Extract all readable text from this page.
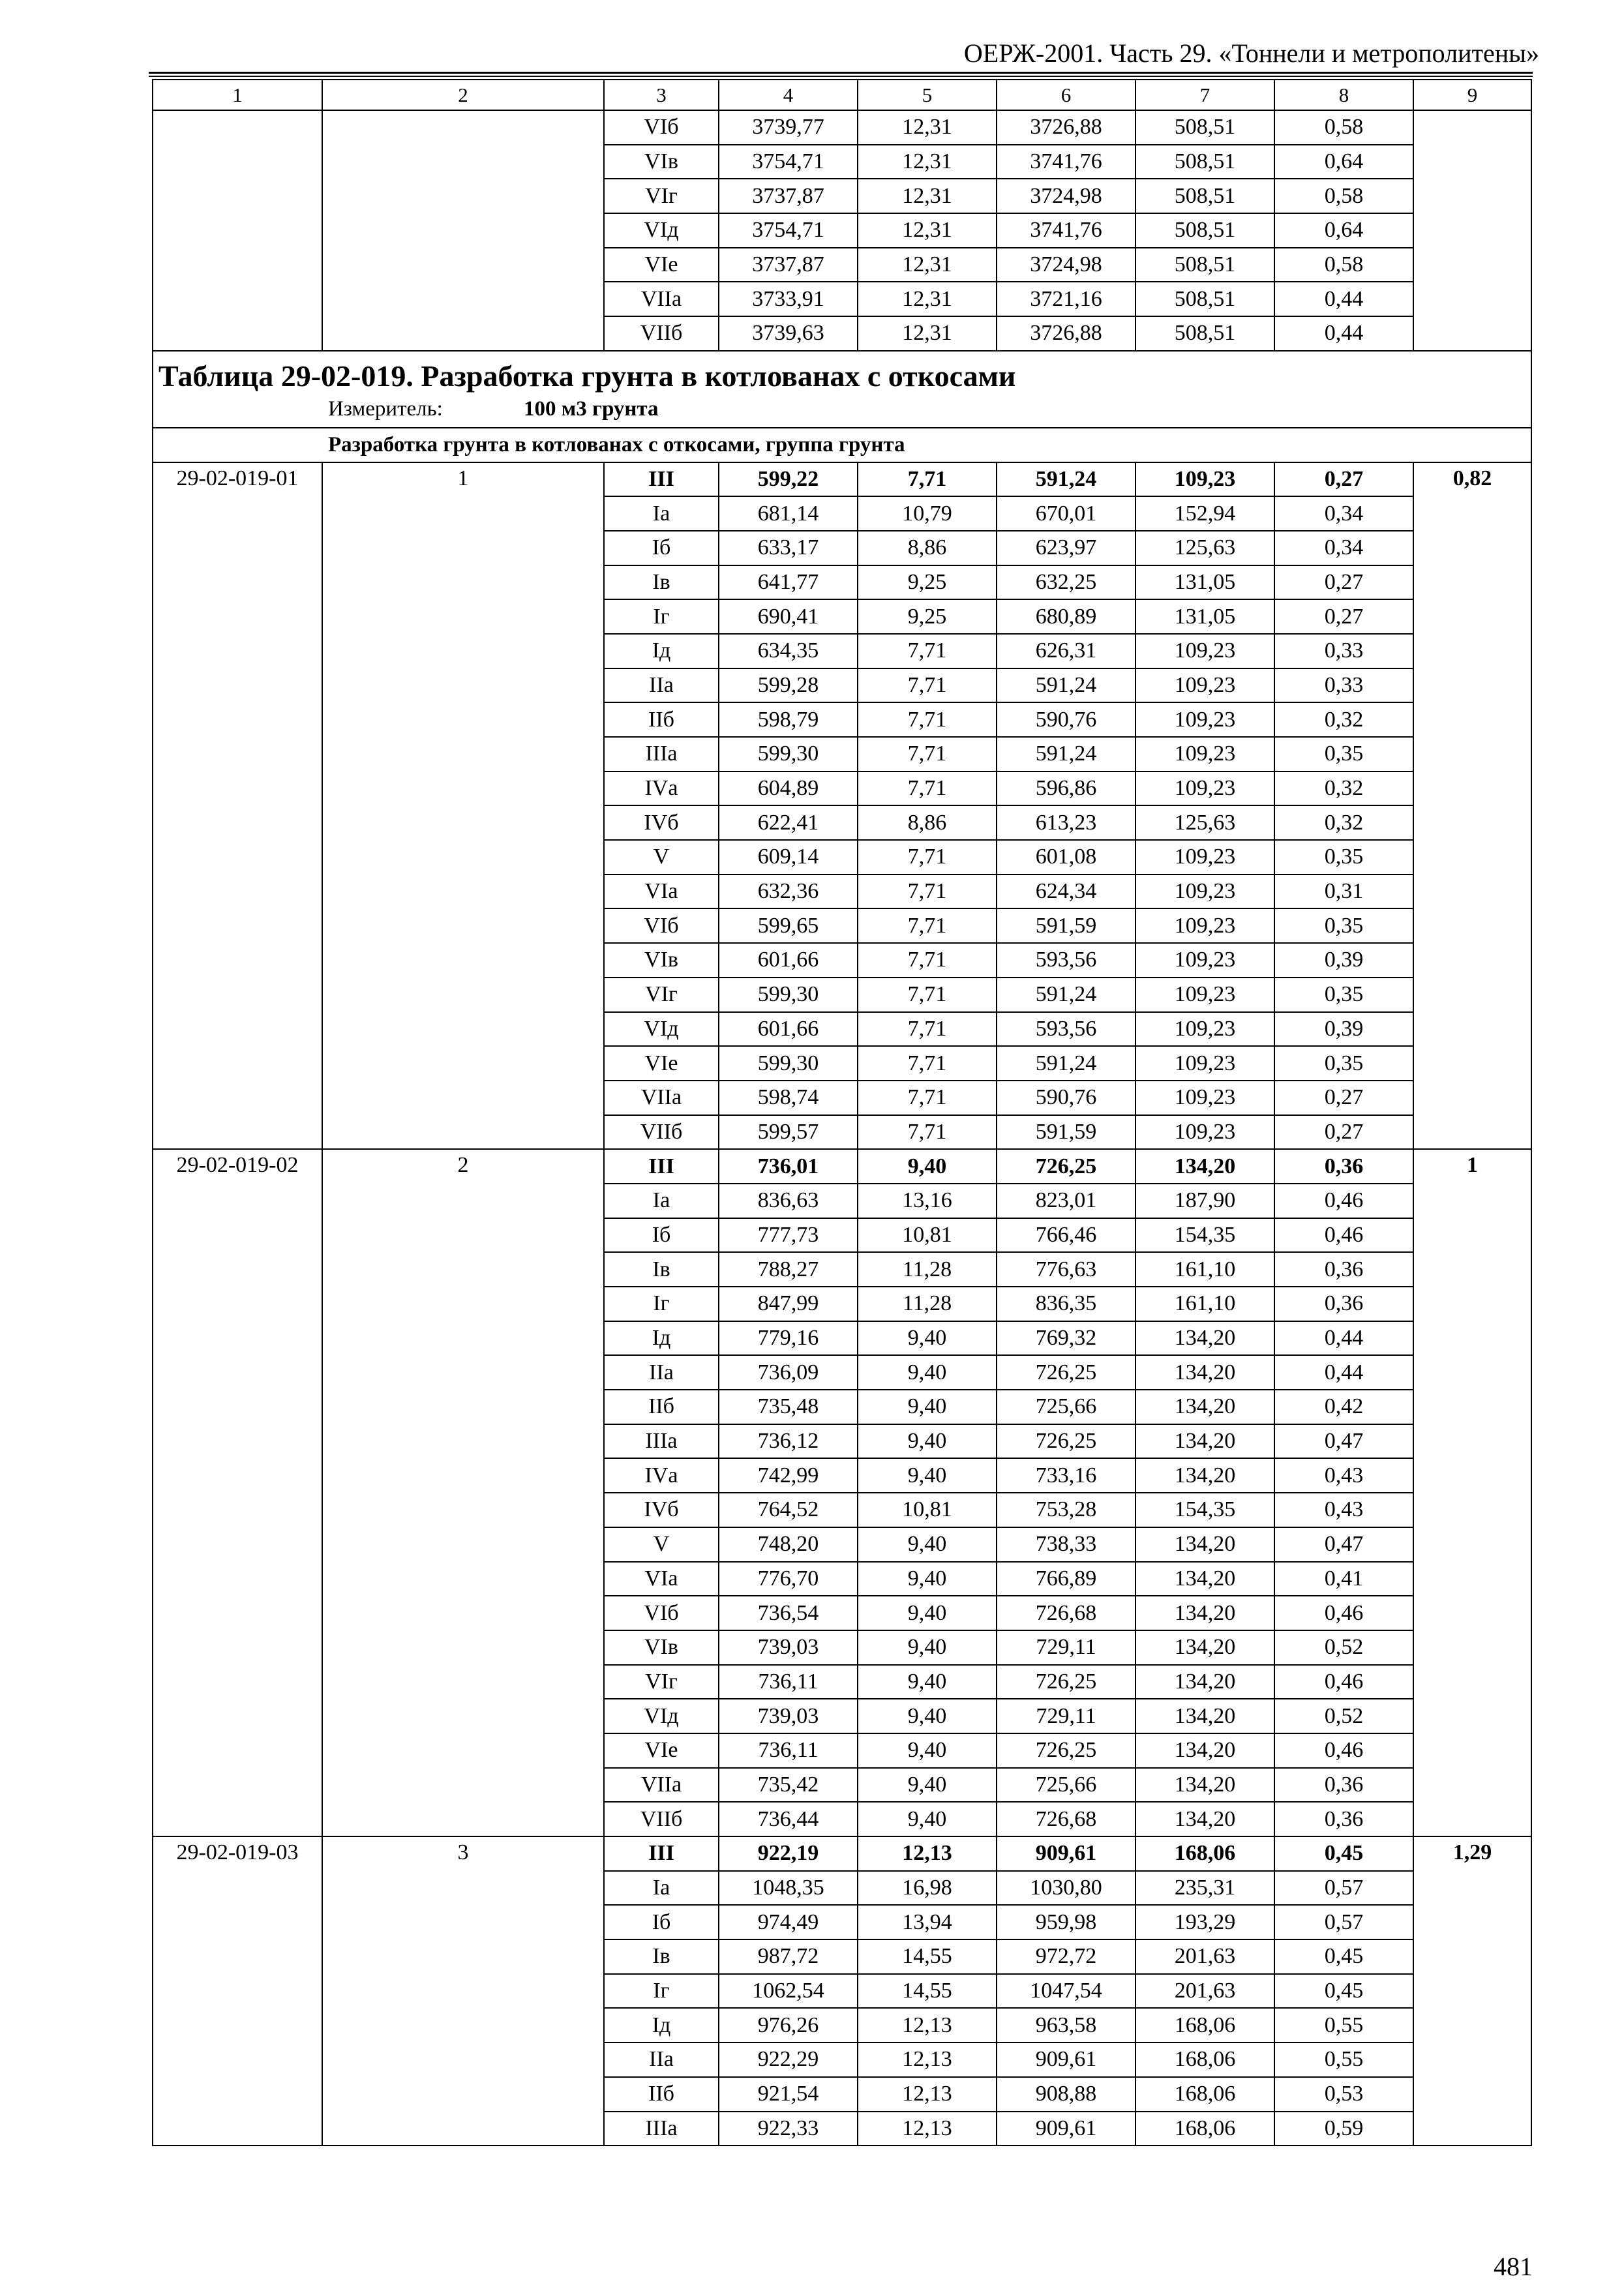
ОЕРЖ-2001. Часть 29. «Тоннели и метрополитены»
1	2	3	4	5	6	7	8	9
		VIб	3739,77	12,31	3726,88	508,51	0,58	
		VIв	3754,71	12,31	3741,76	508,51	0,64	
		VIг	3737,87	12,31	3724,98	508,51	0,58	
		VIд	3754,71	12,31	3741,76	508,51	0,64	
		VIе	3737,87	12,31	3724,98	508,51	0,58	
		VIIа	3733,91	12,31	3721,16	508,51	0,44	
		VIIб	3739,63	12,31	3726,88	508,51	0,44	

Таблица 29-02-019. Разработка грунта в котлованах с откосами
Измеритель: 100 м3 грунта								

Разработка грунта в котлованах с откосами, группа грунта								
29-02-019-01	1	III	599,22	7,71	591,24	109,23	0,27	0,82
		Iа	681,14	10,79	670,01	152,94	0,34	
		Iб	633,17	8,86	623,97	125,63	0,34	
		Iв	641,77	9,25	632,25	131,05	0,27	
		Iг	690,41	9,25	680,89	131,05	0,27	
		Iд	634,35	7,71	626,31	109,23	0,33	
		IIа	599,28	7,71	591,24	109,23	0,33	
		IIб	598,79	7,71	590,76	109,23	0,32	
		IIIа	599,30	7,71	591,24	109,23	0,35	
		IVа	604,89	7,71	596,86	109,23	0,32	
		IVб	622,41	8,86	613,23	125,63	0,32	
		V	609,14	7,71	601,08	109,23	0,35	
		VIа	632,36	7,71	624,34	109,23	0,31	
		VIб	599,65	7,71	591,59	109,23	0,35	
		VIв	601,66	7,71	593,56	109,23	0,39	
		VIг	599,30	7,71	591,24	109,23	0,35	
		VIд	601,66	7,71	593,56	109,23	0,39	
		VIе	599,30	7,71	591,24	109,23	0,35	
		VIIа	598,74	7,71	590,76	109,23	0,27	
		VIIб	599,57	7,71	591,59	109,23	0,27	
29-02-019-02	2	III	736,01	9,40	726,25	134,20	0,36	1
		Iа	836,63	13,16	823,01	187,90	0,46	
		Iб	777,73	10,81	766,46	154,35	0,46	
		Iв	788,27	11,28	776,63	161,10	0,36	
		Iг	847,99	11,28	836,35	161,10	0,36	
		Iд	779,16	9,40	769,32	134,20	0,44	
		IIа	736,09	9,40	726,25	134,20	0,44	
		IIб	735,48	9,40	725,66	134,20	0,42	
		IIIа	736,12	9,40	726,25	134,20	0,47	
		IVа	742,99	9,40	733,16	134,20	0,43	
		IVб	764,52	10,81	753,28	154,35	0,43	
		V	748,20	9,40	738,33	134,20	0,47	
		VIа	776,70	9,40	766,89	134,20	0,41	
		VIб	736,54	9,40	726,68	134,20	0,46	
		VIв	739,03	9,40	729,11	134,20	0,52	
		VIг	736,11	9,40	726,25	134,20	0,46	
		VIд	739,03	9,40	729,11	134,20	0,52	
		VIе	736,11	9,40	726,25	134,20	0,46	
		VIIа	735,42	9,40	725,66	134,20	0,36	
		VIIб	736,44	9,40	726,68	134,20	0,36	
29-02-019-03	3	III	922,19	12,13	909,61	168,06	0,45	1,29
		Iа	1048,35	16,98	1030,80	235,31	0,57	
		Iб	974,49	13,94	959,98	193,29	0,57	
		Iв	987,72	14,55	972,72	201,63	0,45	
		Iг	1062,54	14,55	1047,54	201,63	0,45	
		Iд	976,26	12,13	963,58	168,06	0,55	
		IIа	922,29	12,13	909,61	168,06	0,55	
		IIб	921,54	12,13	908,88	168,06	0,53	
		IIIа	922,33	12,13	909,61	168,06	0,59	
481
